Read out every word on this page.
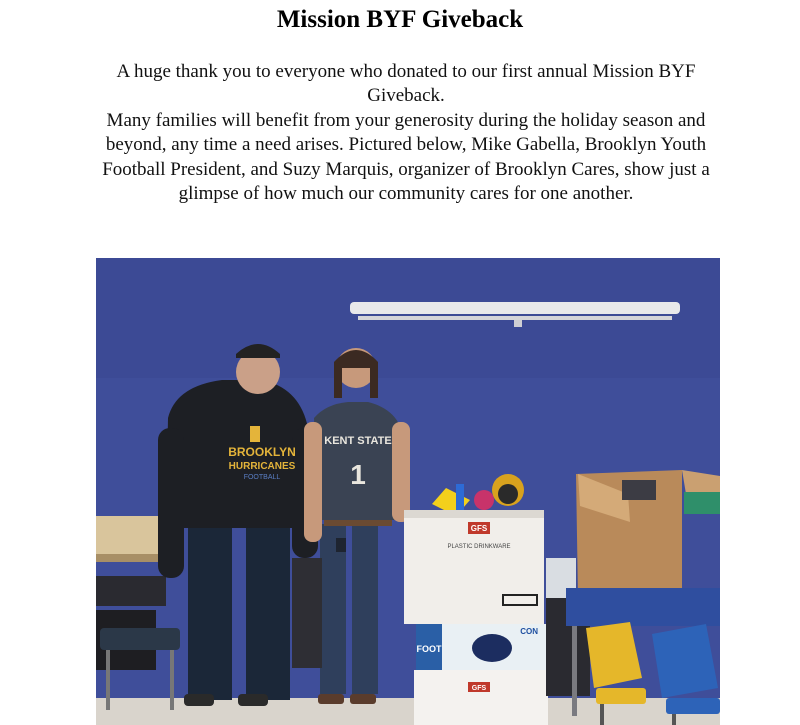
Mission BYF Giveback

A huge thank you to everyone who donated to our first annual Mission BYF Giveback.

Many families will benefit from your generosity during the holiday season and beyond, any time a need arises. Pictured below, Mike Gabella, Brooklyn Youth Football President, and Suzy Marquis, organizer of Brooklyn Cares, show just a glimpse of how much our community cares for one another.

BROOKLYN
HURRICANES
FOOTBALL
KENT STATE
1
GFS
PLASTIC DRINKWARE
FOOT
CON
GFS
